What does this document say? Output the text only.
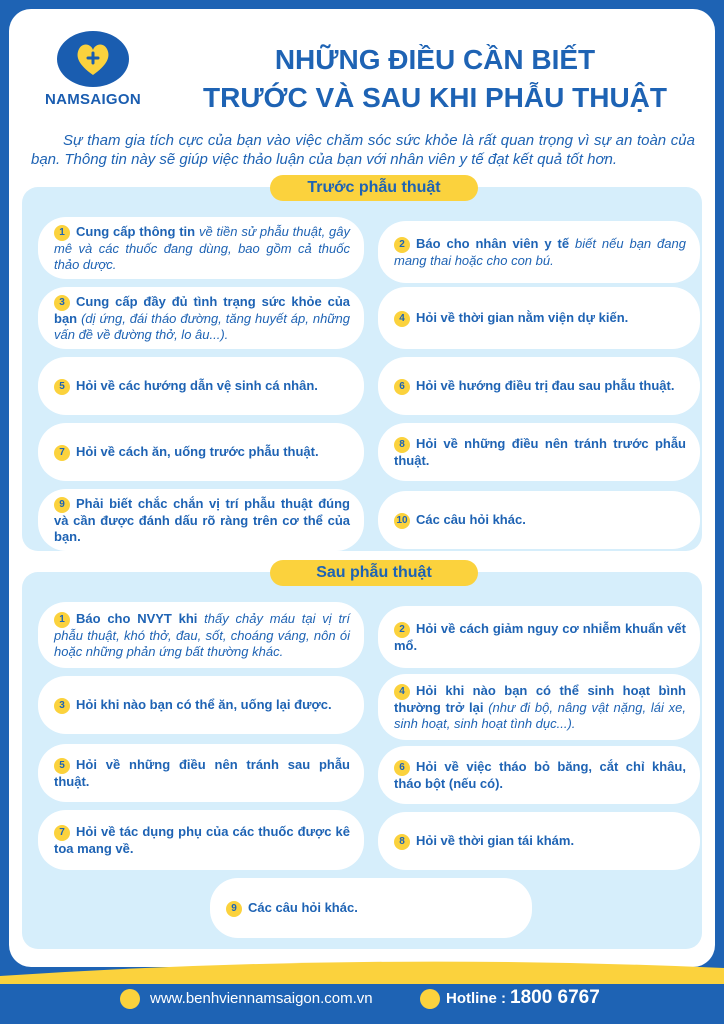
NAMSAIGON
NHỮNG ĐIỀU CẦN BIẾT
TRƯỚC VÀ SAU KHI PHẪU THUẬT
Sự tham gia tích cực của bạn vào việc chăm sóc sức khỏe là rất quan trọng vì sự an toàn của bạn. Thông tin này sẽ giúp việc thảo luận của bạn với nhân viên y tế đạt kết quả tốt hơn.
Trước phẫu thuật
1 Cung cấp thông tin về tiền sử phẫu thuật, gây mê và các thuốc đang dùng, bao gồm cả thuốc thảo dược.
2 Báo cho nhân viên y tế biết nếu bạn đang mang thai hoặc cho con bú.
3 Cung cấp đầy đủ tình trạng sức khỏe của bạn (dị ứng, đái tháo đường, tăng huyết áp, những vấn đề về đường thở, lo âu...).
4 Hỏi về thời gian nằm viện dự kiến.
5 Hỏi về các hướng dẫn vệ sinh cá nhân.	6 Hỏi về hướng điều trị đau sau phẫu thuật.
7 Hỏi về cách ăn, uống trước phẫu thuật.	8 Hỏi về những điều nên tránh trước phẫu thuật.
9 Phải biết chắc chắn vị trí phẫu thuật đúng và cần được đánh dấu rõ ràng trên cơ thể của bạn.
10 Các câu hỏi khác.
Sau phẫu thuật
1 Báo cho NVYT khi thấy chảy máu tại vị trí phẫu thuật, khó thở, đau, sốt, choáng váng, nôn ói hoặc những phản ứng bất thường khác.
2 Hỏi về cách giảm nguy cơ nhiễm khuẩn vết mổ.
3 Hỏi khi nào bạn có thể ăn, uống lại được.
4 Hỏi khi nào bạn có thể sinh hoạt bình thường trở lại (như đi bộ, nâng vật nặng, lái xe, sinh hoạt, sinh hoạt tình dục...).
5 Hỏi về những điều nên tránh sau phẫu thuật.
6 Hỏi về việc tháo bỏ băng, cắt chỉ khâu, tháo bột (nếu có).
7 Hỏi về tác dụng phụ của các thuốc được kê toa mang về.	8 Hỏi về thời gian tái khám.
9 Các câu hỏi khác.
www.benhviennamsaigon.com.vn	Hotline : 1800 6767
